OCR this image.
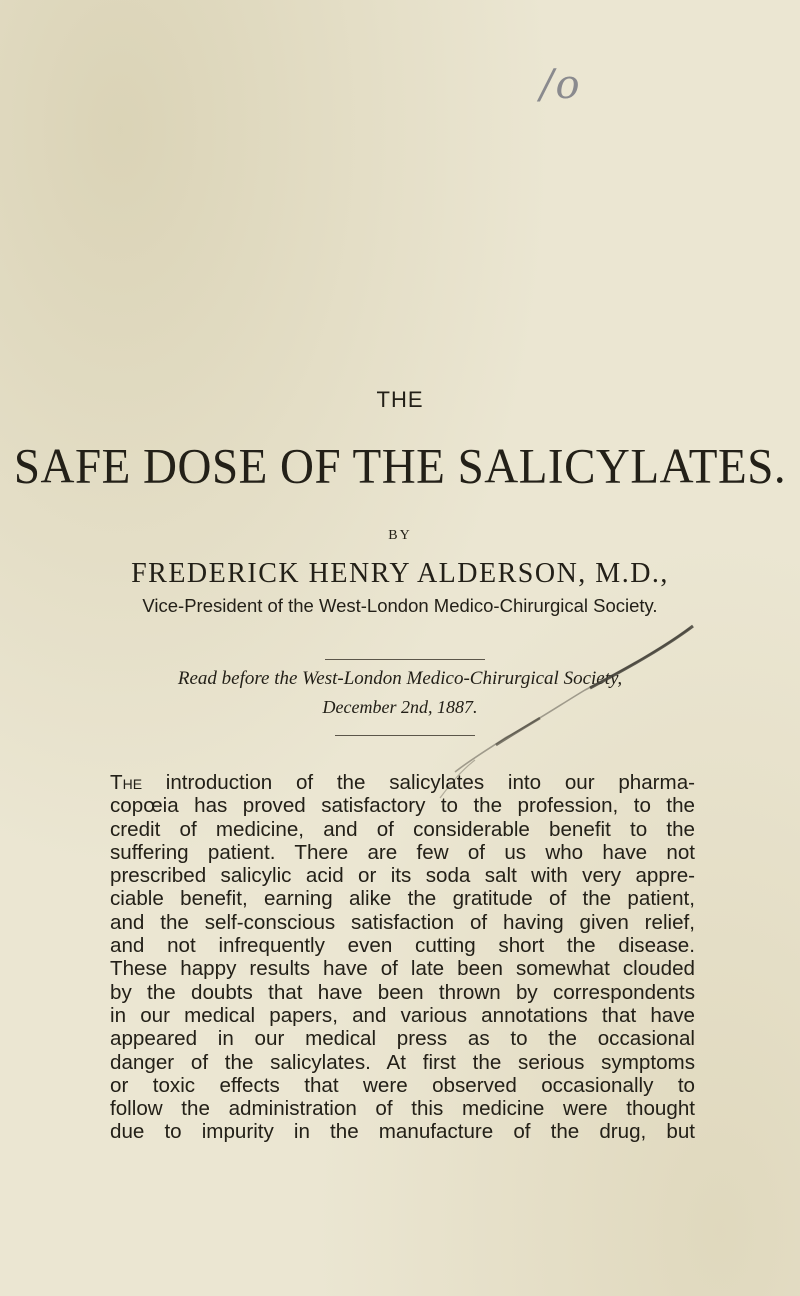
/o
THE
SAFE DOSE OF THE SALICYLATES.
BY
FREDERICK HENRY ALDERSON, M.D.,
Vice-President of the West-London Medico-Chirurgical Society.
Read before the West-London Medico-Chirurgical Society,
December 2nd, 1887.
The introduction of the salicylates into our pharma-
copœia has proved satisfactory to the profession, to the
credit of medicine, and of considerable benefit to the
suffering patient. There are few of us who have not
prescribed salicylic acid or its soda salt with very appre-
ciable benefit, earning alike the gratitude of the patient,
and the self-conscious satisfaction of having given relief,
and not infrequently even cutting short the disease.
These happy results have of late been somewhat clouded
by the doubts that have been thrown by correspondents
in our medical papers, and various annotations that have
appeared in our medical press as to the occasional
danger of the salicylates. At first the serious symptoms
or toxic effects that were observed occasionally to
follow the administration of this medicine were thought
due to impurity in the manufacture of the drug, but
